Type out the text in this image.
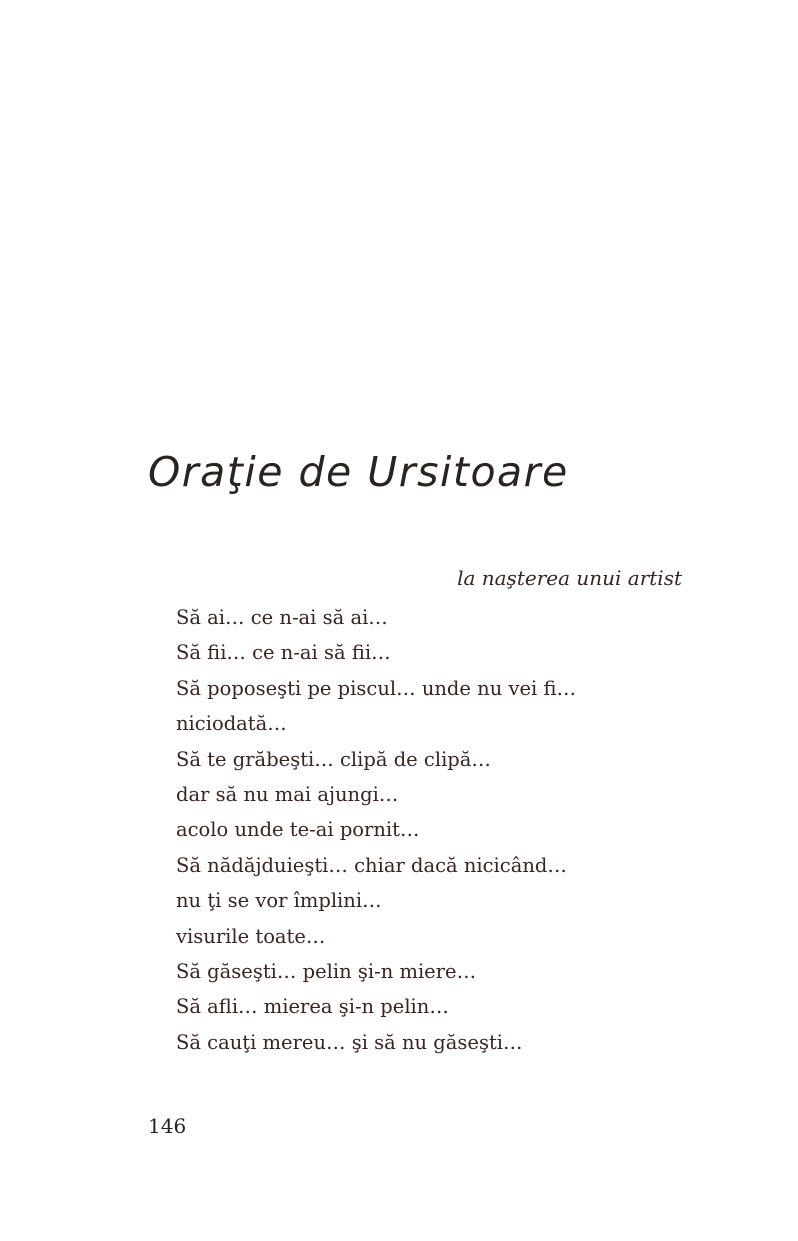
Oraţie de Ursitoare

la naşterea unui artist

Să ai… ce n-ai să ai…
Să fii… ce n-ai să fii…
Să poposeşti pe piscul… unde nu vei fi…
niciodată…
Să te grăbeşti… clipă de clipă…
dar să nu mai ajungi…
acolo unde te-ai pornit…
Să nădăjduieşti… chiar dacă nicicând…
nu ţi se vor împlini…
visurile toate…
Să găseşti… pelin şi-n miere…
Să afli… mierea şi-n pelin…
Să cauţi mereu… şi să nu găseşti…
146
